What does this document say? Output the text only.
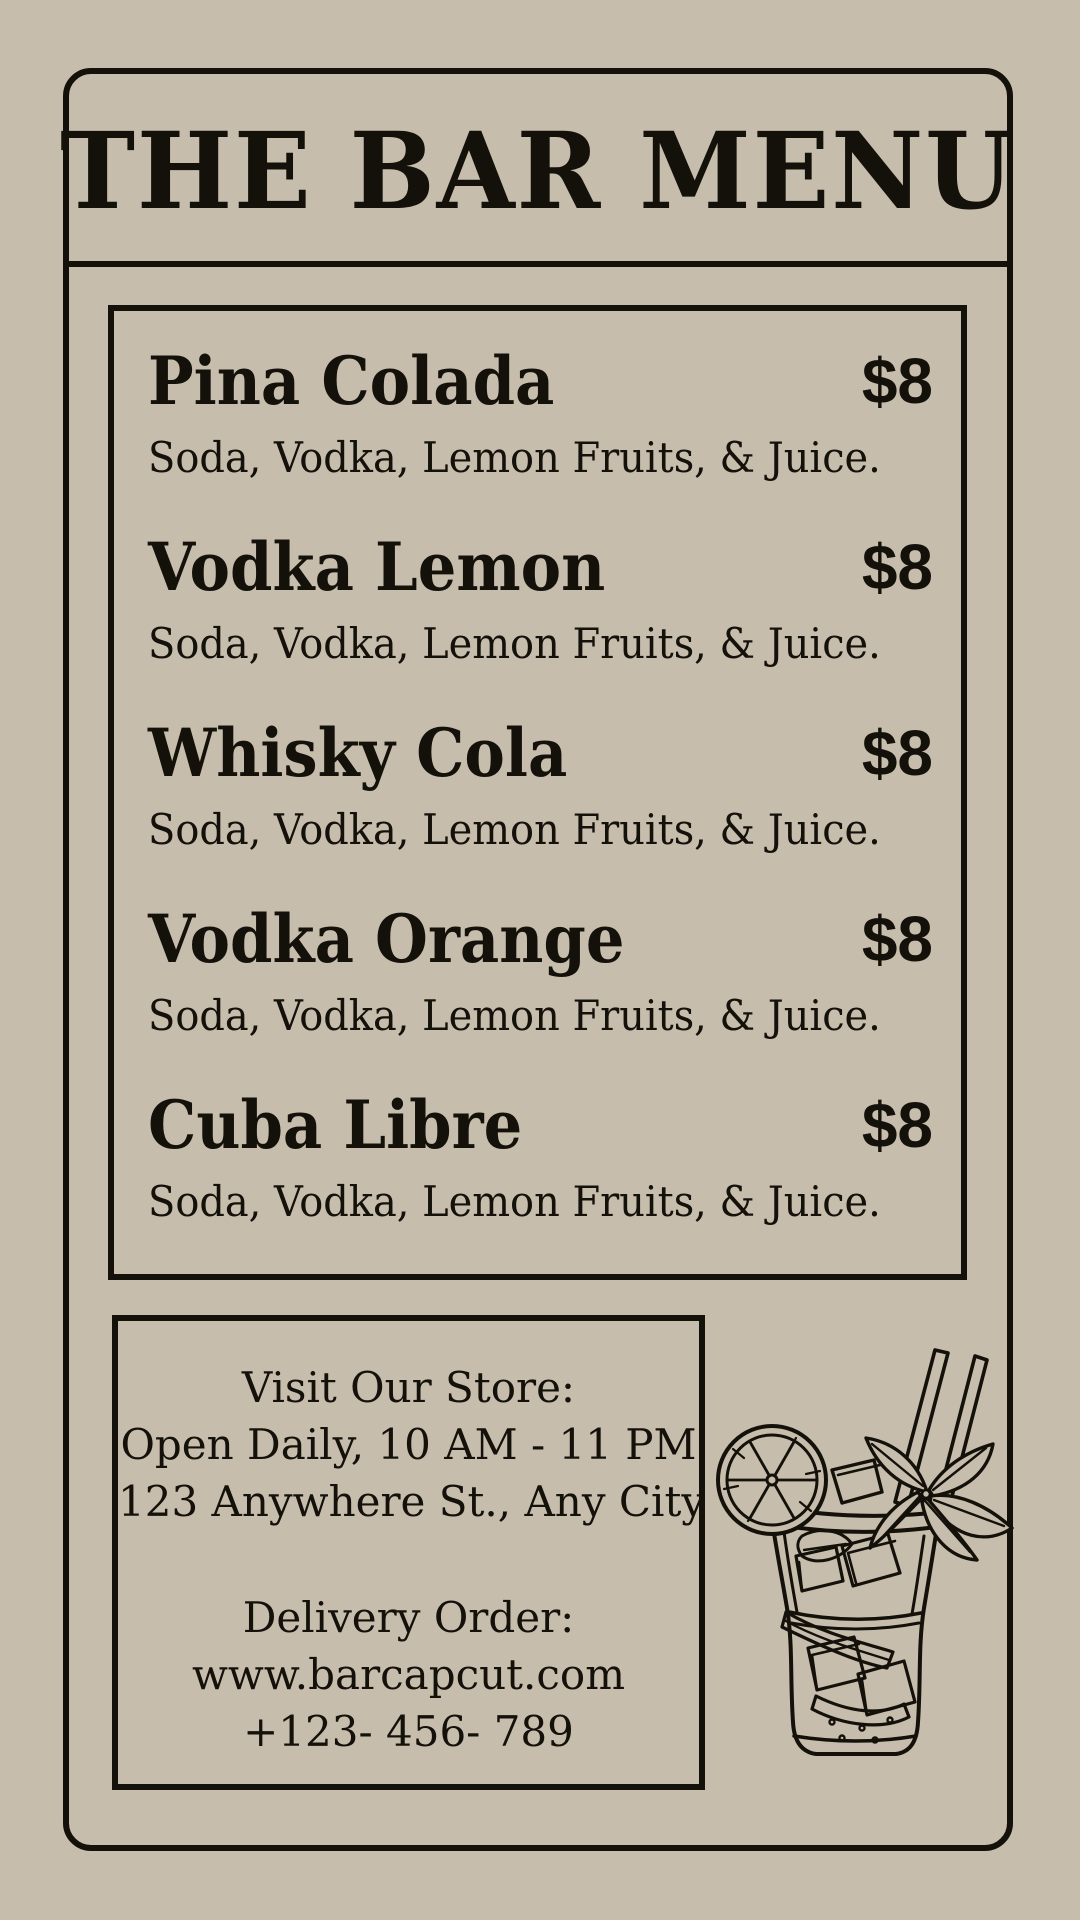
THE BAR MENU
Pina Colada	$8
Soda, Vodka, Lemon Fruits, & Juice.
Vodka Lemon	$8
Soda, Vodka, Lemon Fruits, & Juice.
Whisky Cola	$8
Soda, Vodka, Lemon Fruits, & Juice.
Vodka Orange	$8
Soda, Vodka, Lemon Fruits, & Juice.
Cuba Libre	$8
Soda, Vodka, Lemon Fruits, & Juice.

Visit Our Store:

Open Daily, 10 AM - 11 PM

123 Anywhere St., Any City

Delivery Order:

www.barcapcut.com

+123- 456- 789
